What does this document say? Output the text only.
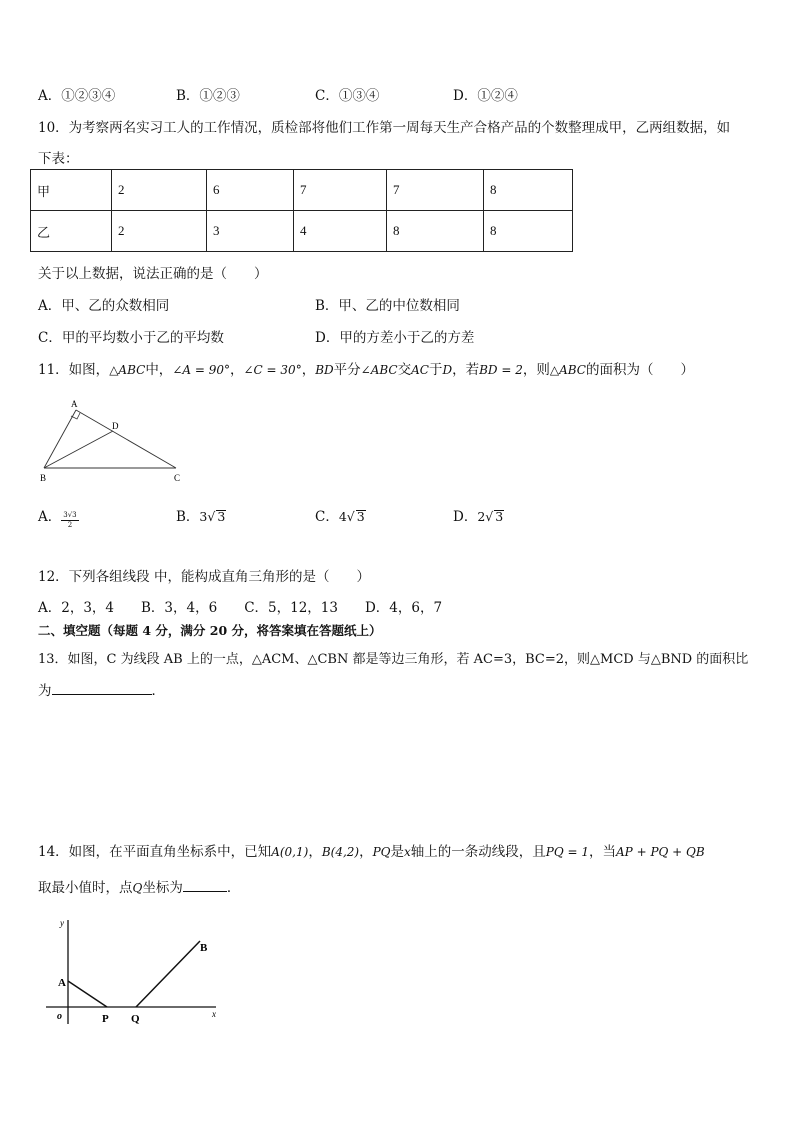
A．①②③④	B．①②③	C．①③④	D．①②④
10．为考察两名实习工人的工作情况，质检部将他们工作第一周每天生产合格产品的个数整理成甲，乙两组数据，如
下表：
甲	2	6	7	7	8
乙	2	3	4	8	8
关于以上数据，说法正确的是（　　）
A．甲、乙的众数相同	B．甲、乙的中位数相同
C．甲的平均数小于乙的平均数	D．甲的方差小于乙的方差
11．如图，△ABC中，∠A = 90°，∠C = 30°，BD平分∠ABC交AC于D，若BD = 2，则△ABC的面积为（　　）
A
D
B	C
A． $\frac{3√3}{2}$	B．3√ 3	C．4√ 3	D．2√ 3
12．下列各组线段 中，能构成直角三角形的是（　　）
A．2，3，4　　B．3，4，6　　C．5，12，13　　D．4，6，7
二、填空题（每题 4 分，满分 20 分，将答案填在答题纸上）
13．如图，C 为线段 AB 上的一点，△ACM、△CBN 都是等边三角形，若 AC=3，BC=2，则△MCD 与△BND 的面积比
为	．
14．如图，在平面直角坐标系中，已知A(0,1)，B(4,2)，PQ是x轴上的一条动线段，且PQ = 1，当AP + PQ + QB
取最小值时，点Q坐标为	．
y
A
o	P Q	x
B
